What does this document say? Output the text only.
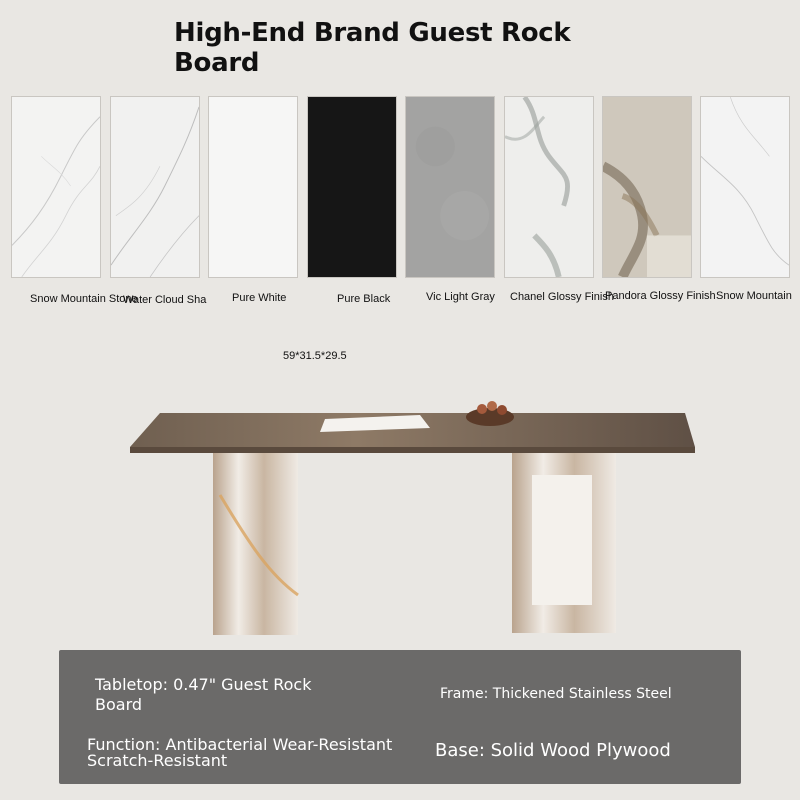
High-End Brand Guest Rock Board
Snow Mountain Stone
Water Cloud Sha Pure White	Pure Black	Vic Light Gray Chanel Glossy Finish
Pandora Glossy Finish Snow Mountain
59*31.5*29.5
Tabletop: 0.47" Guest Rock Board
Frame: Thickened Stainless Steel
Function: Antibacterial Wear-Resistant Scratch-Resistant	Base: Solid Wood Plywood
